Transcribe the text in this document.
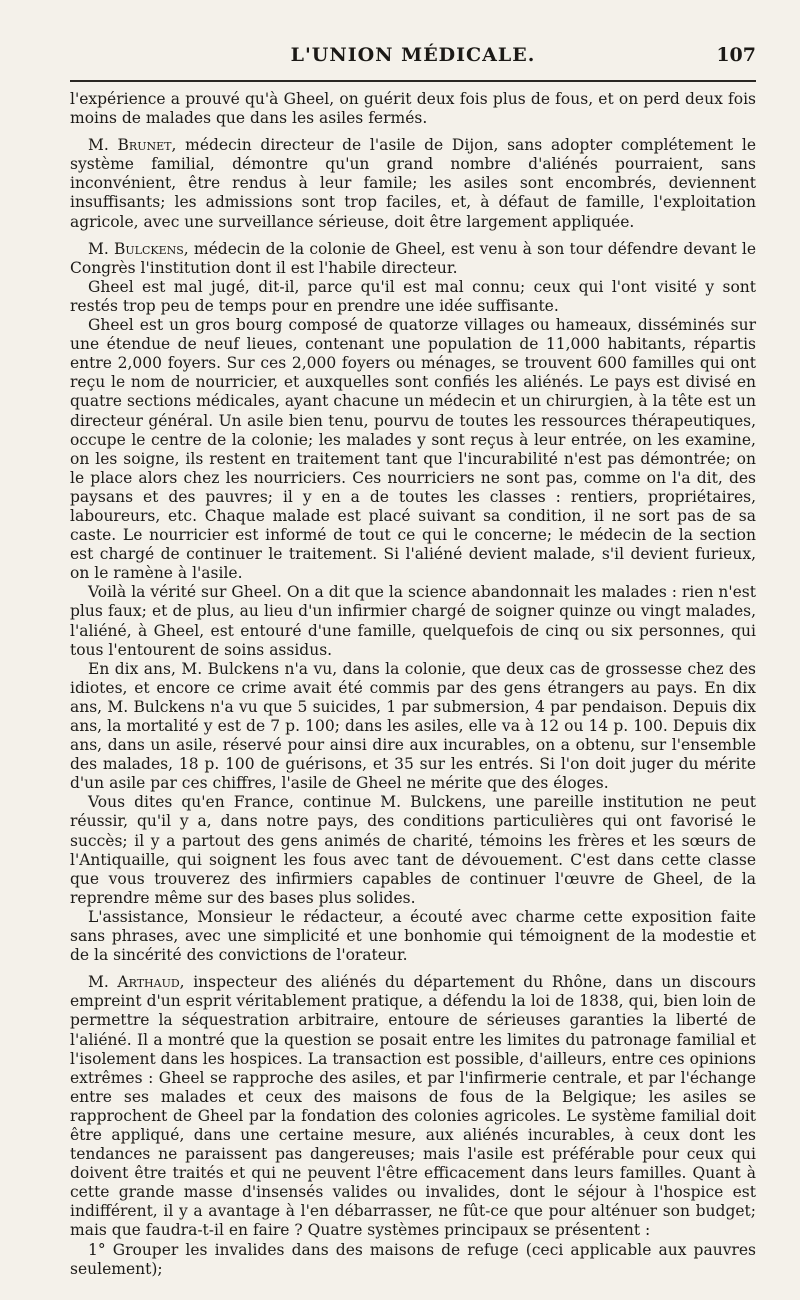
L'UNION MÉDICALE.	107

l'expérience a prouvé qu'à Gheel, on guérit deux fois plus de fous, et on perd deux fois moins de malades que dans les asiles fermés.

M. Brunet, médecin directeur de l'asile de Dijon, sans adopter complétement le système familial, démontre qu'un grand nombre d'aliénés pourraient, sans inconvénient, être rendus à leur famile; les asiles sont encombrés, deviennent insuffisants; les admissions sont trop faciles, et, à défaut de famille, l'exploitation agricole, avec une surveillance sérieuse, doit être largement appliquée.

M. Bulckens, médecin de la colonie de Gheel, est venu à son tour défendre devant le Congrès l'institution dont il est l'habile directeur.

Gheel est mal jugé, dit-il, parce qu'il est mal connu; ceux qui l'ont visité y sont restés trop peu de temps pour en prendre une idée suffisante.

Gheel est un gros bourg composé de quatorze villages ou hameaux, disséminés sur une étendue de neuf lieues, contenant une population de 11,000 habitants, répartis entre 2,000 foyers. Sur ces 2,000 foyers ou ménages, se trouvent 600 familles qui ont reçu le nom de nourricier, et auxquelles sont confiés les aliénés. Le pays est divisé en quatre sections médicales, ayant chacune un médecin et un chirurgien, à la tête est un directeur général. Un asile bien tenu, pourvu de toutes les ressources thérapeutiques, occupe le centre de la colonie; les malades y sont reçus à leur entrée, on les examine, on les soigne, ils restent en traitement tant que l'incurabilité n'est pas démontrée; on le place alors chez les nourriciers. Ces nourriciers ne sont pas, comme on l'a dit, des paysans et des pauvres; il y en a de toutes les classes : rentiers, propriétaires, laboureurs, etc. Chaque malade est placé suivant sa condition, il ne sort pas de sa caste. Le nourricier est informé de tout ce qui le concerne; le médecin de la section est chargé de continuer le traitement. Si l'aliéné devient malade, s'il devient furieux, on le ramène à l'asile.

Voilà la vérité sur Gheel. On a dit que la science abandonnait les malades : rien n'est plus faux; et de plus, au lieu d'un infirmier chargé de soigner quinze ou vingt malades, l'aliéné, à Gheel, est entouré d'une famille, quelquefois de cinq ou six personnes, qui tous l'entourent de soins assidus.

En dix ans, M. Bulckens n'a vu, dans la colonie, que deux cas de grossesse chez des idiotes, et encore ce crime avait été commis par des gens étrangers au pays. En dix ans, M. Bulckens n'a vu que 5 suicides, 1 par submersion, 4 par pendaison. Depuis dix ans, la mortalité y est de 7 p. 100; dans les asiles, elle va à 12 ou 14 p. 100. Depuis dix ans, dans un asile, réservé pour ainsi dire aux incurables, on a obtenu, sur l'ensemble des malades, 18 p. 100 de guérisons, et 35 sur les entrés. Si l'on doit juger du mérite d'un asile par ces chiffres, l'asile de Gheel ne mérite que des éloges.

Vous dites qu'en France, continue M. Bulckens, une pareille institution ne peut réussir, qu'il y a, dans notre pays, des conditions particulières qui ont favorisé le succès; il y a partout des gens animés de charité, témoins les frères et les sœurs de l'Antiquaille, qui soignent les fous avec tant de dévouement. C'est dans cette classe que vous trouverez des infirmiers capables de continuer l'œuvre de Gheel, de la reprendre même sur des bases plus solides.

L'assistance, Monsieur le rédacteur, a écouté avec charme cette exposition faite sans phrases, avec une simplicité et une bonhomie qui témoignent de la modestie et de la sincérité des convictions de l'orateur.

M. Arthaud, inspecteur des aliénés du département du Rhône, dans un discours empreint d'un esprit véritablement pratique, a défendu la loi de 1838, qui, bien loin de permettre la séquestration arbitraire, entoure de sérieuses garanties la liberté de l'aliéné. Il a montré que la question se posait entre les limites du patronage familial et l'isolement dans les hospices. La transaction est possible, d'ailleurs, entre ces opinions extrêmes : Gheel se rapproche des asiles, et par l'infirmerie centrale, et par l'échange entre ses malades et ceux des maisons de fous de la Belgique; les asiles se rapprochent de Gheel par la fondation des colonies agricoles. Le système familial doit être appliqué, dans une certaine mesure, aux aliénés incurables, à ceux dont les tendances ne paraissent pas dangereuses; mais l'asile est préférable pour ceux qui doivent être traités et qui ne peuvent l'être efficacement dans leurs familles. Quant à cette grande masse d'insensés valides ou invalides, dont le séjour à l'hospice est indifférent, il y a avantage à l'en débarrasser, ne fût-ce que pour alténuer son budget; mais que faudra-t-il en faire ? Quatre systèmes principaux se présentent :

1° Grouper les invalides dans des maisons de refuge (ceci applicable aux pauvres seulement);
